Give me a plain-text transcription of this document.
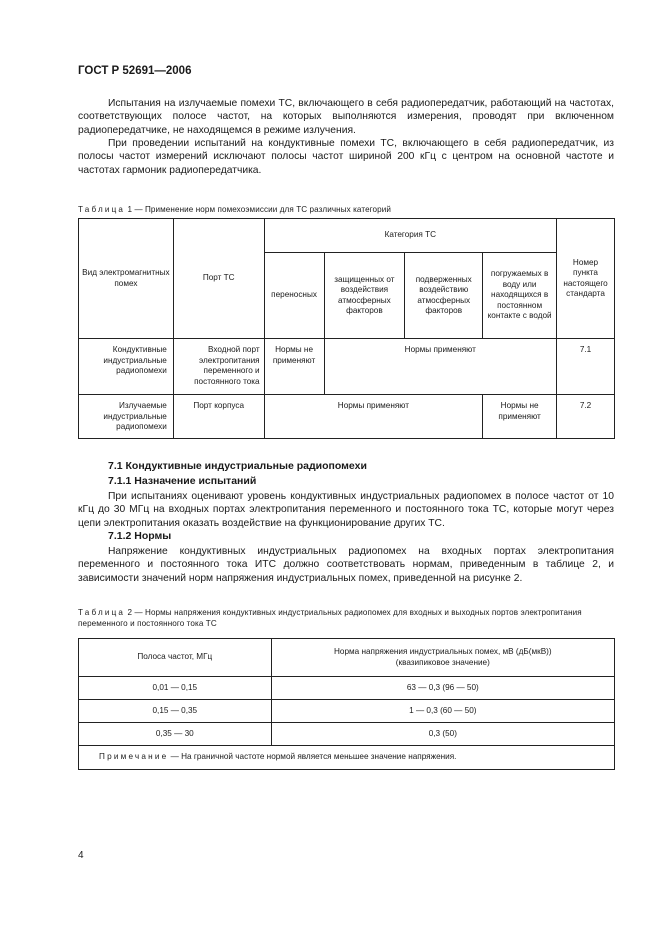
ГОСТ Р 52691—2006

Испытания на излучаемые помехи ТС, включающего в себя радиопередатчик, работающий на частотах, соответствующих полосе частот, на которых выполняются измерения, проводят при включенном радиопередатчике, не находящемся в режиме излучения.

При проведении испытаний на кондуктивные помехи ТС, включающего в себя радиопередатчик, из полосы частот измерений исключают полосы частот шириной 200 кГц с центром на основной частоте и частотах гармоник радиопередатчика.

Таблица 1 — Применение норм помехоэмиссии для ТС различных категорий
Вид электромагнитных помех	Порт ТС	Категория ТС				Номер пункта настоящего стандарта
		переносных	защищенных от воздействия атмосферных факторов	подверженных воздействию атмосферных факторов	погружаемых в воду или находящихся в постоянном контакте с водой	
Кондуктивные индустриальные радиопомехи	Входной порт электропитания переменного и постоянного тока	Нормы не применяют	Нормы применяют			7.1
Излучаемые индустриальные радиопомехи	Порт корпуса	Нормы применяют			Нормы не применяют	7.2
7.1 Кондуктивные индустриальные радиопомехи
7.1.1 Назначение испытаний

При испытаниях оценивают уровень кондуктивных индустриальных радиопомех в полосе частот от 10 кГц до 30 МГц на входных портах электропитания переменного и постоянного тока ТС, которые могут через цепи электропитания оказать воздействие на функционирование других ТС.

7.1.2 Нормы

Напряжение кондуктивных индустриальных радиопомех на входных портах электропитания переменного и постоянного тока ИТС должно соответствовать нормам, приведенным в таблице 2, и зависимости значений норм напряжения индустриальных помех, приведенной на рисунке 2.

Таблица 2 — Нормы напряжения кондуктивных индустриальных радиопомех для входных и выходных портов электропитания переменного и постоянного тока ТС
Полоса частот, МГц	Норма напряжения индустриальных помех, мВ (дБ(мкВ))
(квазипиковое значение)

0,01 — 0,15	63 — 0,3 (96 — 50)
0,15 — 0,35	1 — 0,3 (60 — 50)
0,35 — 30	0,3 (50)
Примечание — На граничной частоте нормой является меньшее значение напряжения.	
4
